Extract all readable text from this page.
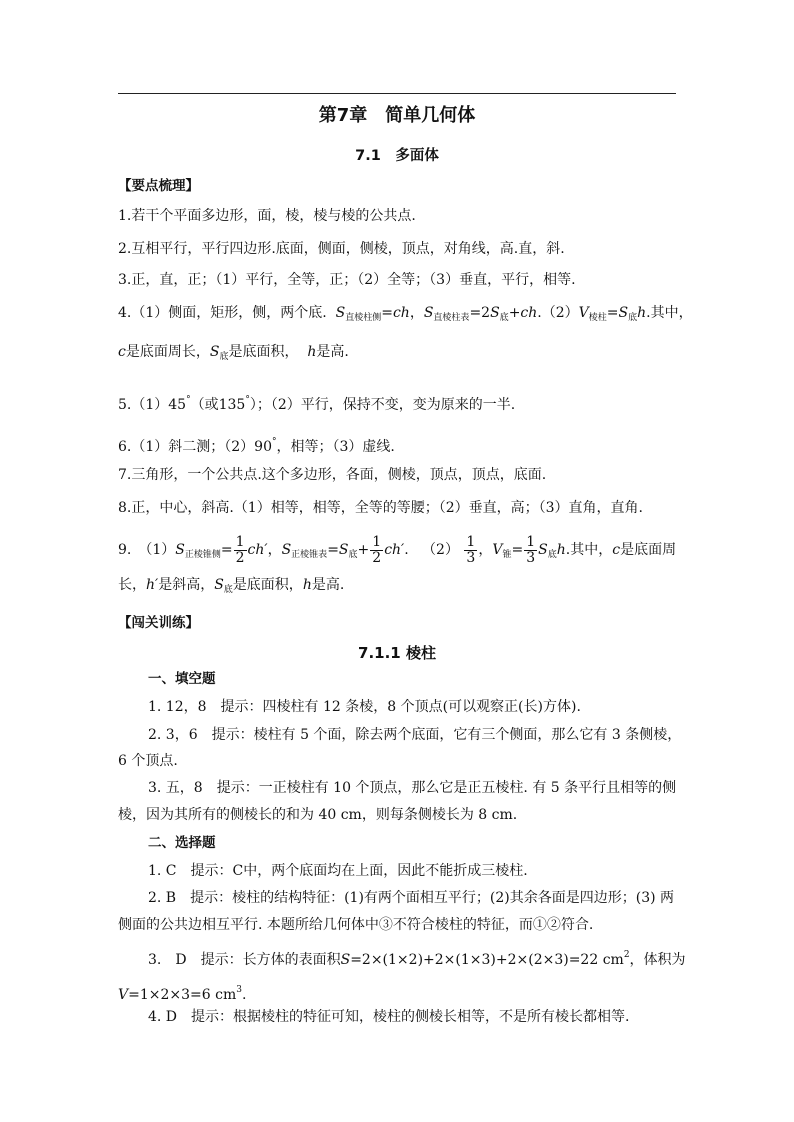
第7章　简单几何体
7.1　多面体
【要点梳理】
1.若干个平面多边形，面，棱，棱与棱的公共点.
2.互相平行，平行四边形.底面，侧面，侧棱，顶点，对角线，高.直，斜.
3.正，直，正；（1）平行，全等，正；（2）全等；（3）垂直，平行，相等.
4.（1）侧面，矩形，侧，两个底. $S_{直棱柱侧}=ch$，$S_{直棱柱表}=2S_底+ch.(2)V_{棱柱}=S_底h$.其中，
c是底面周长，$S_底$是底面积， h是高.
5.（1）45°（或135°）；（2）平行，保持不变，变为原来的一半.
6.（1）斜二测；（2）90°，相等；（3）虚线.
7.三角形，一个公共点.这个多边形，各面，侧棱，顶点，顶点，底面.
8.正，中心，斜高.（1）相等，相等，全等的等腰；（2）垂直，高；（3）直角，直角.
9.　$(1)S_{正棱锥侧}= \frac{1}{2} ch'$，$S_{正棱锥表}=S_底+ \frac{1}{2} ch'$. $(2) \frac{1}{3}$ ，$V_锥= \frac{1}{3} S_底h$.其中，c是底面周
长，h′是斜高，$S_底$是底面积，h是高.
【闯关训练】
7.1.1 棱柱
一、填空题
1. 12，8　提示：四棱柱有 12 条棱，8 个顶点(可以观察正(长)方体).
2. 3，6　提示：棱柱有 5 个面，除去两个底面，它有三个侧面，那么它有 3 条侧棱，
6 个顶点.
3. 五，8　提示：一正棱柱有 10 个顶点，那么它是正五棱柱. 有 5 条平行且相等的侧
棱，因为其所有的侧棱长的和为 40 cm，则每条侧棱长为 8 cm.
二、选择题
1. C　提示：C中，两个底面均在上面，因此不能折成三棱柱.
2. B　提示：棱柱的结构特征：(1)有两个面相互平行；(2)其余各面是四边形；(3) 两
侧面的公共边相互平行. 本题所给几何体中③不符合棱柱的特征，而①②符合.
3.　D　提示：长方体的表面积S=2×(1×2)+2×(1×3)+2×(2×3)=22 $cm^2$，体积为
V=1×2×3=6 $cm^3$.
4. D　提示：根据棱柱的特征可知，棱柱的侧棱长相等，不是所有棱长都相等.
